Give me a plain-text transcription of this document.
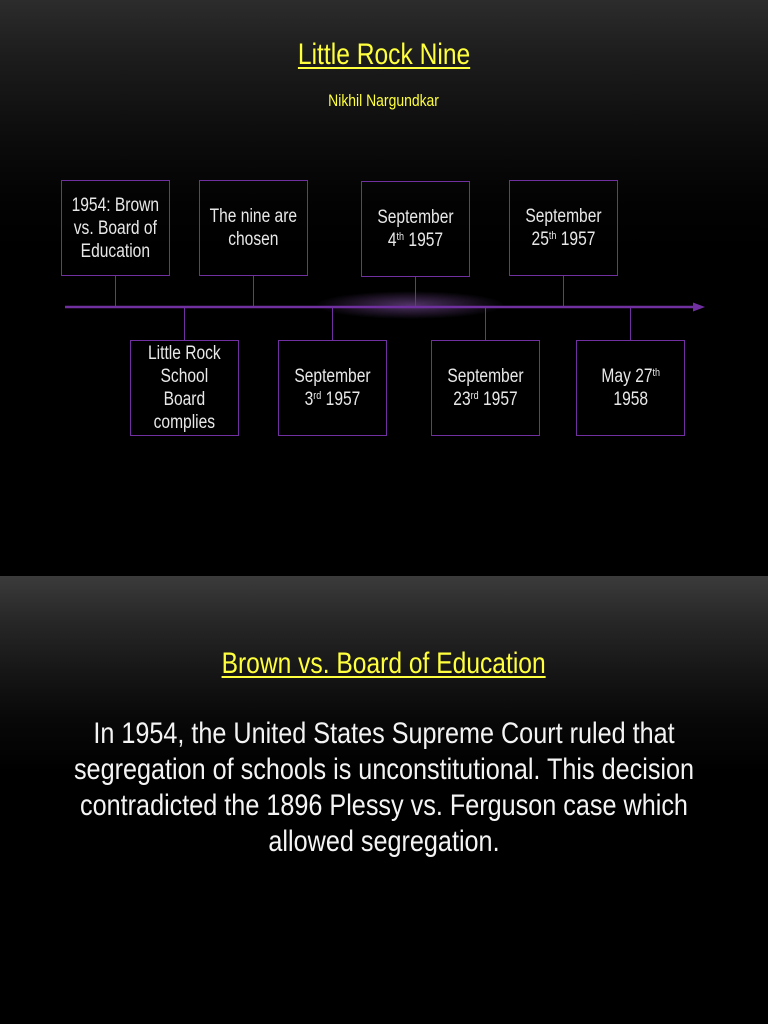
Little Rock Nine
Nikhil Nargundkar
1954: Brown
vs. Board of
Education
Little Rock
School
Board
complies
The nine are
chosen
September
3rd 1957
September
4th 1957
September
23rd 1957
September
25th 1957
May 27th
1958
Brown vs. Board of Education
In 1954, the United States Supreme Court ruled that segregation of schools is unconstitutional. This decision contradicted the 1896 Plessy vs. Ferguson case which allowed segregation.
